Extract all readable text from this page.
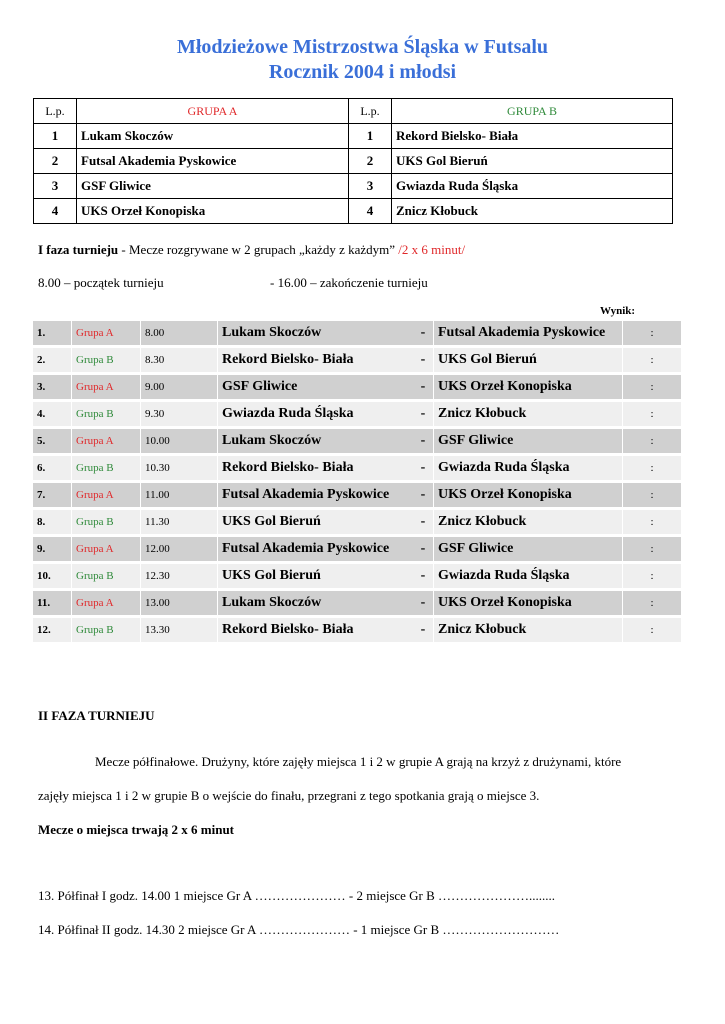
Młodzieżowe Mistrzostwa Śląska w Futsalu
Rocznik 2004 i młodsi
L.p.	GRUPA A	L.p.	GRUPA B
1	Lukam Skoczów	1	Rekord Bielsko- Biała
2	Futsal Akademia Pyskowice	2	UKS Gol Bieruń
3	GSF Gliwice	3	Gwiazda Ruda Śląska
4	UKS Orzeł Konopiska	4	Znicz Kłobuck
I faza turnieju - Mecze rozgrywane w 2 grupach „każdy z każdym” /2 x 6 minut/
8.00 – początek turnieju	- 16.00 – zakończenie turnieju
Wynik:
1.	Grupa A	8.00	Lukam Skoczów	-	Futsal Akademia Pyskowice	:
2.	Grupa B	8.30	Rekord Bielsko- Biała	-	UKS Gol Bieruń	:
3.	Grupa A	9.00	GSF Gliwice	-	UKS Orzeł Konopiska	:
4.	Grupa B	9.30	Gwiazda Ruda Śląska	-	Znicz Kłobuck	:
5.	Grupa A	10.00	Lukam Skoczów	-	GSF Gliwice	:
6.	Grupa B	10.30	Rekord Bielsko- Biała	-	Gwiazda Ruda Śląska	:
7.	Grupa A	11.00	Futsal Akademia Pyskowice	-	UKS Orzeł Konopiska	:
8.	Grupa B	11.30	UKS Gol Bieruń	-	Znicz Kłobuck	:
9.	Grupa A	12.00	Futsal Akademia Pyskowice	-	GSF Gliwice	:
10.	Grupa B	12.30	UKS Gol Bieruń	-	Gwiazda Ruda Śląska	:
11.	Grupa A	13.00	Lukam Skoczów	-	UKS Orzeł Konopiska	:
12.	Grupa B	13.30	Rekord Bielsko- Biała	-	Znicz Kłobuck	:
II FAZA TURNIEJU
Mecze półfinałowe. Drużyny, które zajęły miejsca 1 i 2 w grupie A grają na krzyż z drużynami, które
zajęły miejsca 1 i 2 w grupie B o wejście do finału, przegrani z tego spotkania grają o miejsce 3.
Mecze o miejsca trwają 2 x 6 minut
13. Półfinał I godz. 14.00 1 miejsce Gr A ………………… - 2 miejsce Gr B …………………........
14. Półfinał II godz. 14.30 2 miejsce Gr A ………………… - 1 miejsce Gr B ………………………
